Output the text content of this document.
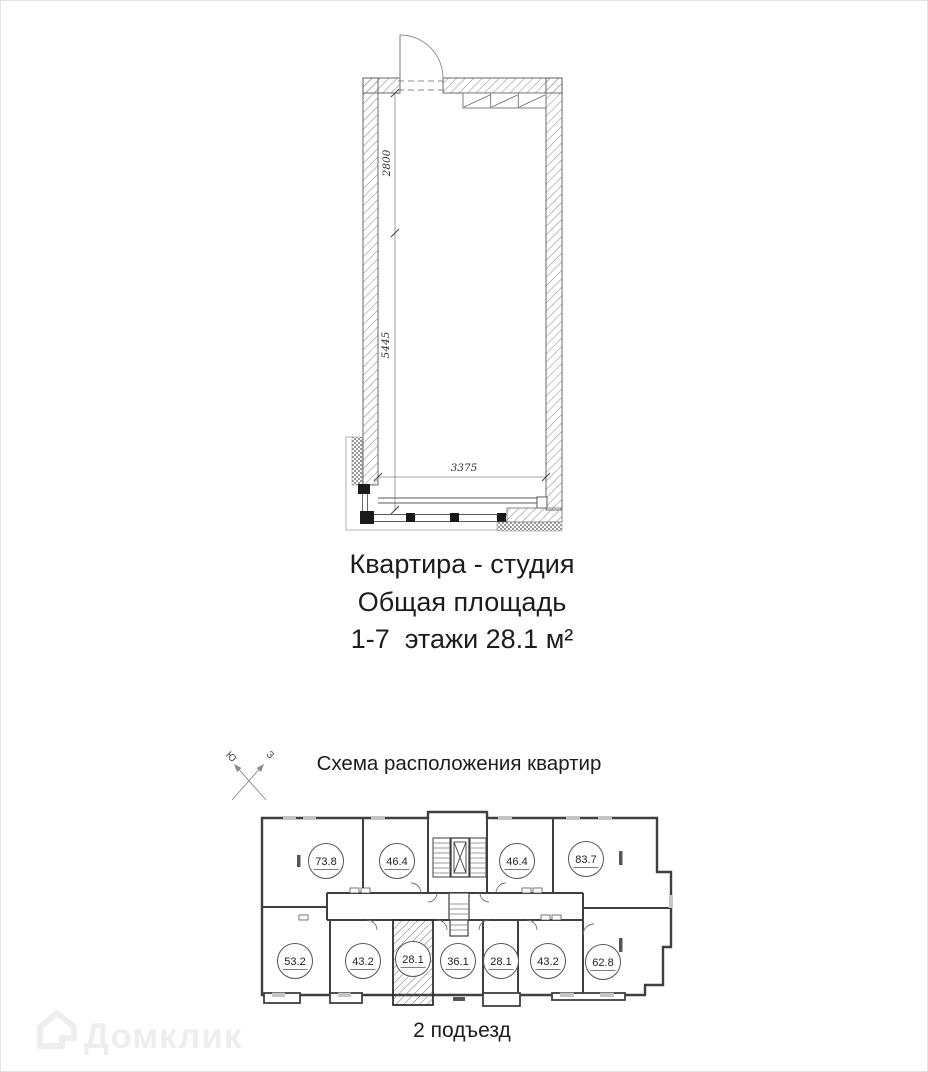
2800
5445
3375
Квартира - студия
Общая площадь
1-7  этажи 28.1 м²
Схема расположения квартир
Ю	З
73.8	46.4	46.4	83.7
53.2	43.2	28.1 36.1 28.1 43.2	62.8
2 подъезд
Домклик
